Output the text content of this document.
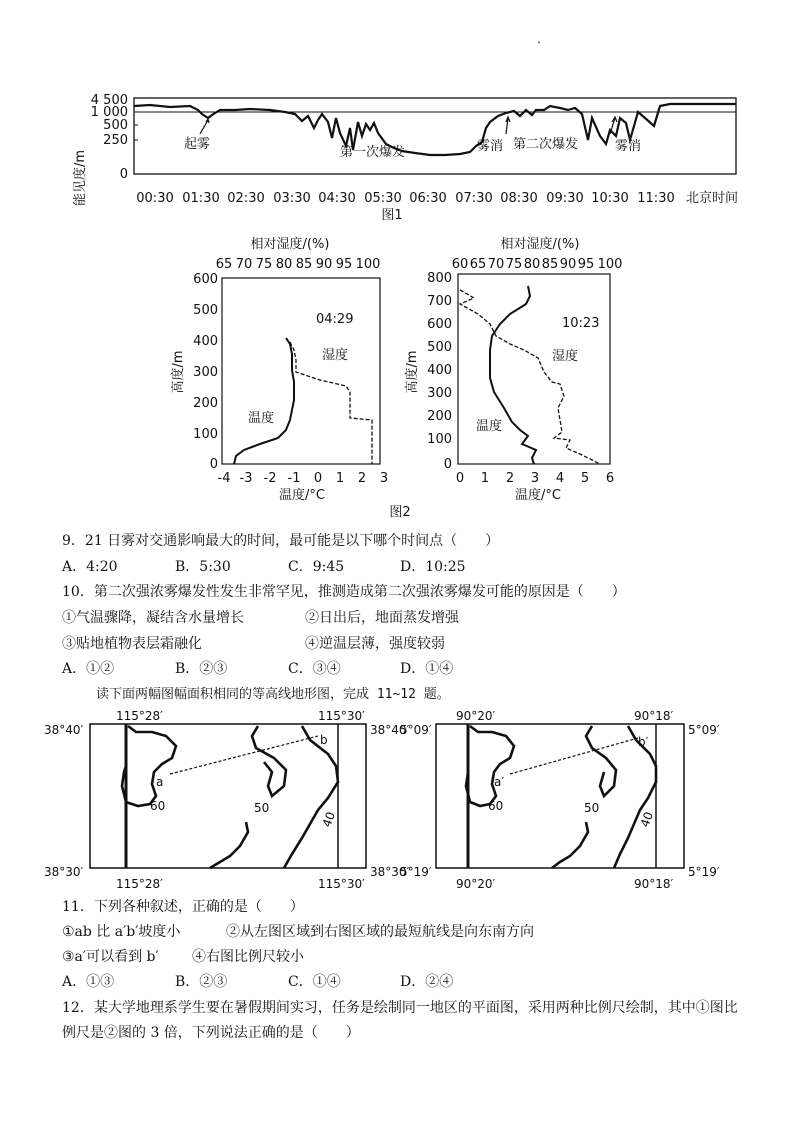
.
能见度/m
4 500
1 000
500
250
0
起雾
第一次爆发	雾消 第二次爆发	雾消
00:30 01:30 02:30 03:30 04:30 05:30 06:30 07:30 08:30 09:30 10:30 11:30 北京时间
图1
相对湿度/(%)
65 70 75 80 85 90 95 100
600
500
400
300
200
100
0
高度/m
04:29
湿度
温度
-4 -3 -2 -1 0 1 2 3
温度/°C
相对湿度/(%)
60 65 70 75 80 85 90 95 100
800
700
600
500
400
300
200
100
0
高度/m
10:23
湿度
温度
0 1 2 3 4 5 6
温度/°C
图2
9．21 日雾对交通影响最大的时间，最可能是以下哪个时间点（　　）
A．4:20	B．5:30	C．9:45	D．10:25
10．第二次强浓雾爆发性发生非常罕见，推测造成第二次强浓雾爆发可能的原因是（　　）
①气温骤降，凝结含水量增长	②日出后，地面蒸发增强
③贴地植物表层霜融化	④逆温层薄，强度较弱
A．①②	B．②③	C．③④	D．①④
读下面两幅图幅面积相同的等高线地形图，完成 11~12 题。
115°28′	115°30′
38°40′	38°40′
38°30′	38°30′
115°28′	115°30′
a
b
60	50
40
90°20′	90°18′
5°09′	5°09′
5°19′	5°19′
90°20′	90°18′
a′
b′
60	50
40
11．下列各种叙述，正确的是（　　）
①ab 比 a′b′坡度小	②从左图区域到右图区域的最短航线是向东南方向
③a′可以看到 b′ ④右图比例尺较小
A．①③	B．②③	C．①④	D．②④
12．某大学地理系学生要在暑假期间实习，任务是绘制同一地区的平面图，采用两种比例尺绘制，其中①图比
例尺是②图的 3 倍，下列说法正确的是（　　）
